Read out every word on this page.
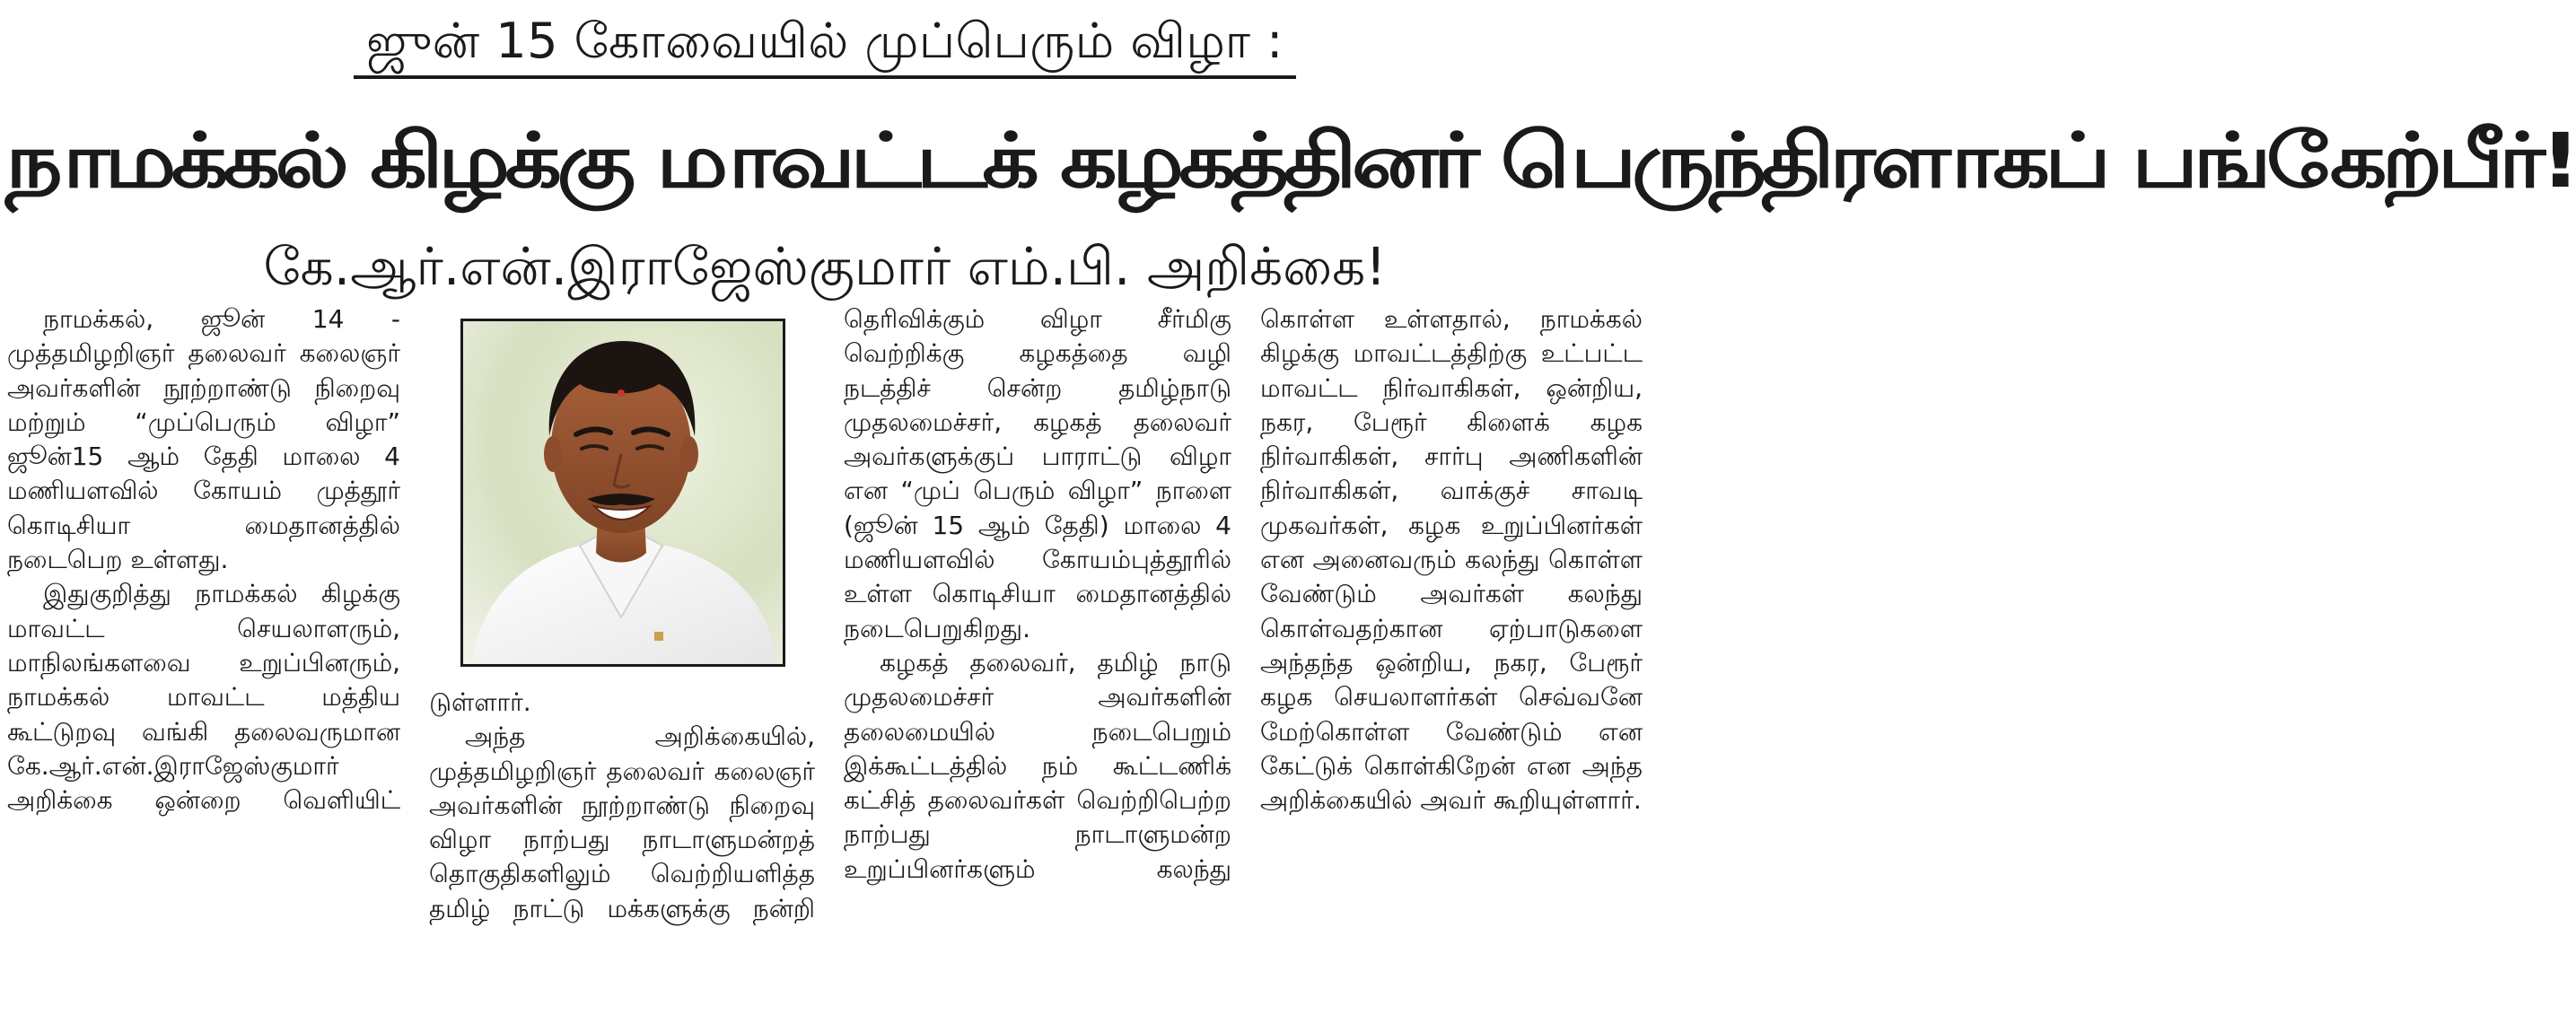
ஜுன் 15 கோவையில் முப்பெரும் விழா :
நாமக்கல் கிழக்கு மாவட்டக் கழகத்தினர் பெருந்திரளாகப் பங்கேற்பீர்!
கே.ஆர்.என்.இராஜேஸ்குமார் எம்.பி. அறிக்கை!

நாமக்கல், ஜூன் 14 - முத்தமிழறிஞர் தலைவர் கலைஞர் அவர்களின் நூற்றாண்டு நிறைவு மற்றும் “முப்பெரும் விழா” ஜூன்15 ஆம் தேதி மாலை 4 மணியளவில் கோயம் முத்தூர் கொடிசியா மைதானத்தில் நடைபெற உள்ளது.

இதுகுறித்து நாமக்கல் கிழக்கு மாவட்ட செயலாளரும், மாநிலங்களவை உறுப்பினரும், நாமக்கல் மாவட்ட மத்திய கூட்டுறவு வங்கி தலைவருமான கே.ஆர்.என்.இராஜேஸ்குமார் அறிக்கை ஒன்றை வெளியிட்

டுள்ளார்.

அந்த அறிக்கையில், முத்தமிழறிஞர் தலைவர் கலைஞர் அவர்களின் நூற்றாண்டு நிறைவு விழா நாற்பது நாடாளுமன்றத் தொகுதிகளிலும் வெற்றியளித்த தமிழ் நாட்டு மக்களுக்கு நன்றி

தெரிவிக்கும் விழா சீர்மிகு வெற்றிக்கு கழகத்தை வழி நடத்திச் சென்ற தமிழ்நாடு முதலமைச்சர், கழகத் தலைவர் அவர்களுக்குப் பாராட்டு விழா என “முப் பெரும் விழா” நாளை (ஜூன் 15 ஆம் தேதி) மாலை 4 மணியளவில் கோயம்புத்தூரில் உள்ள கொடிசியா மைதானத்தில் நடைபெறுகிறது.

கழகத் தலைவர், தமிழ் நாடு முதலமைச்சர் அவர்களின் தலைமையில் நடைபெறும் இக்கூட்டத்தில் நம் கூட்டணிக் கட்சித் தலைவர்கள் வெற்றிபெற்ற நாற்பது நாடாளுமன்ற உறுப்பினர்களும் கலந்து

கொள்ள உள்ளதால், நாமக்கல் கிழக்கு மாவட்டத்திற்கு உட்பட்ட மாவட்ட நிர்வாகிகள், ஒன்றிய, நகர, பேரூர் கிளைக் கழக நிர்வாகிகள், சார்பு அணிகளின் நிர்வாகிகள், வாக்குச் சாவடி முகவர்கள், கழக உறுப்பினர்கள் என அனைவரும் கலந்து கொள்ள வேண்டும் அவர்கள் கலந்து கொள்வதற்கான ஏற்பாடுகளை அந்தந்த ஒன்றிய, நகர, பேரூர் கழக செயலாளர்கள் செவ்வனே மேற்கொள்ள வேண்டும் என கேட்டுக் கொள்கிறேன் என அந்த அறிக்கையில் அவர் கூறியுள்ளார்.
